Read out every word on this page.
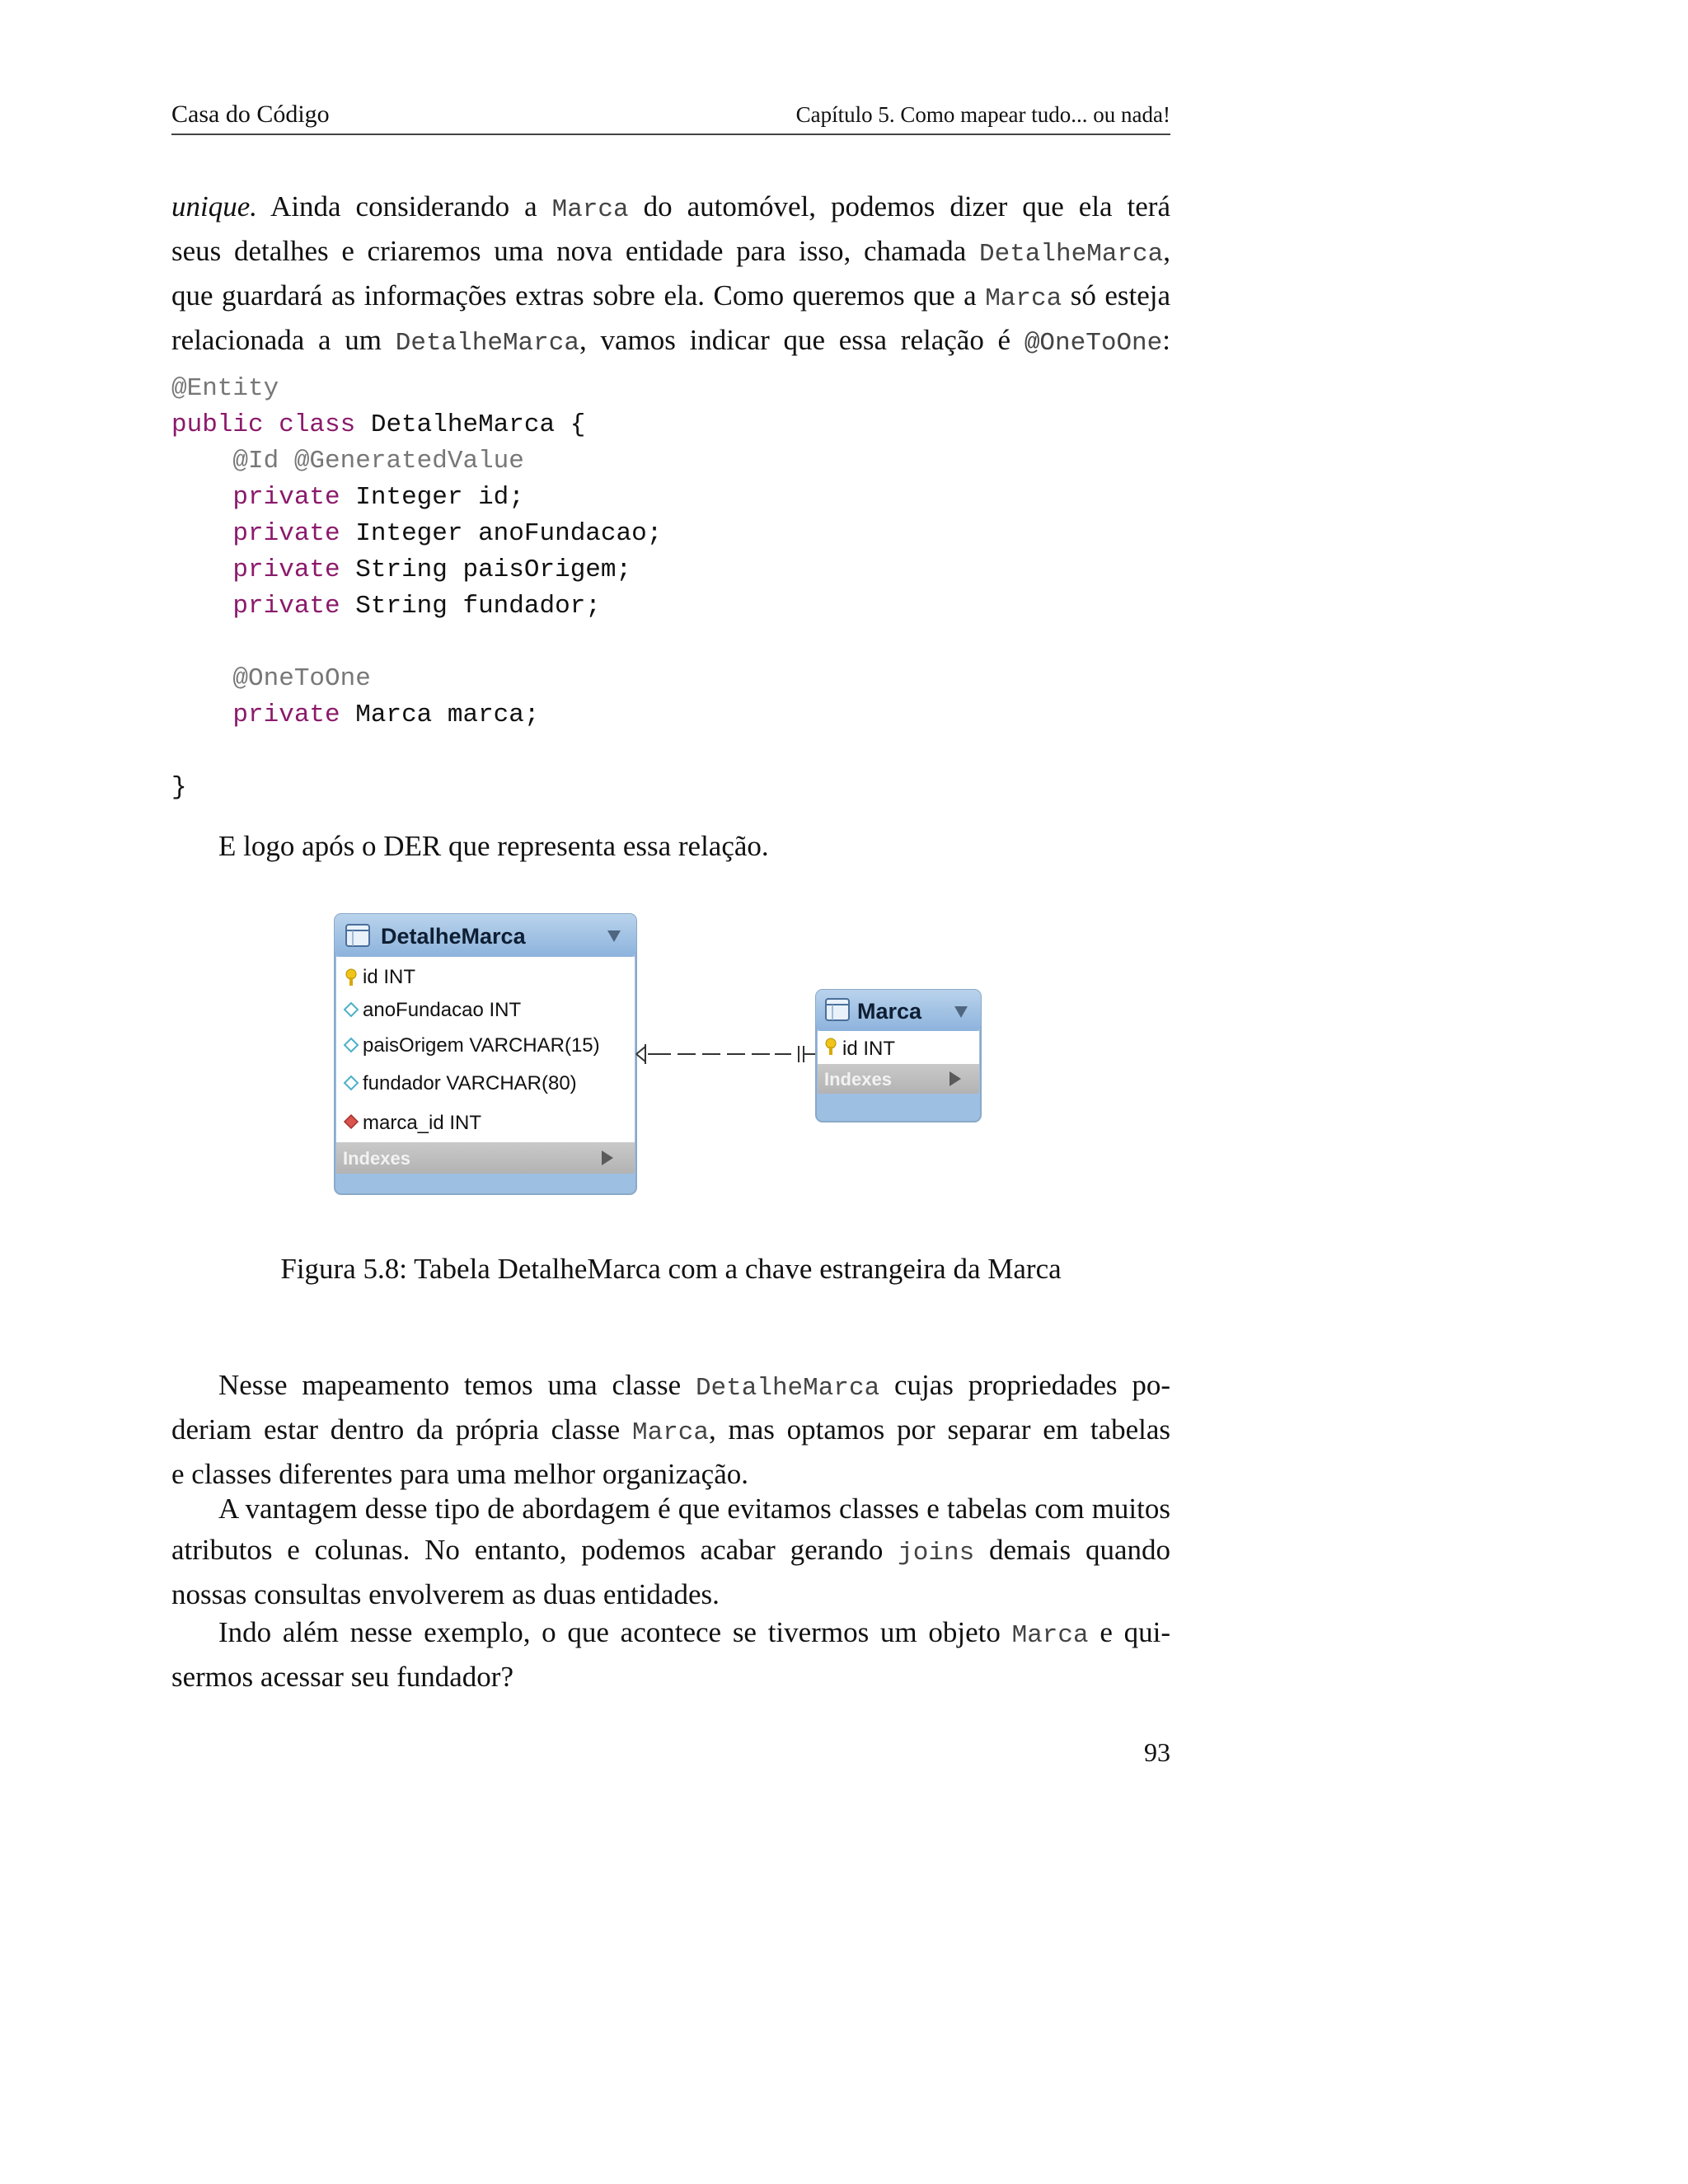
Casa do Código	Capítulo 5. Como mapear tudo... ou nada!
unique. Ainda considerando a Marca do automóvel, podemos dizer que ela terá
seus detalhes e criaremos uma nova entidade para isso, chamada DetalheMarca,
que guardará as informações extras sobre ela. Como queremos que a Marca só esteja
relacionada a um DetalheMarca, vamos indicar que essa relação é @OneToOne:
@Entity
public class DetalheMarca {
@Id @GeneratedValue
private Integer id;
private Integer anoFundacao;
private String paisOrigem;
private String fundador;

@OneToOne
private Marca marca;

}
E logo após o DER que representa essa relação.
DetalheMarca
id INT
anoFundacao INT
paisOrigem VARCHAR(15)
fundador VARCHAR(80)
marca_id INT
Indexes
Marca
id INT
Indexes
Figura 5.8: Tabela DetalheMarca com a chave estrangeira da Marca
Nesse mapeamento temos uma classe DetalheMarca cujas propriedades po-
deriam estar dentro da própria classe Marca, mas optamos por separar em tabelas
e classes diferentes para uma melhor organização.
A vantagem desse tipo de abordagem é que evitamos classes e tabelas com muitos
atributos e colunas. No entanto, podemos acabar gerando joins demais quando
nossas consultas envolverem as duas entidades.
Indo além nesse exemplo, o que acontece se tivermos um objeto Marca e qui-
sermos acessar seu fundador?
93
